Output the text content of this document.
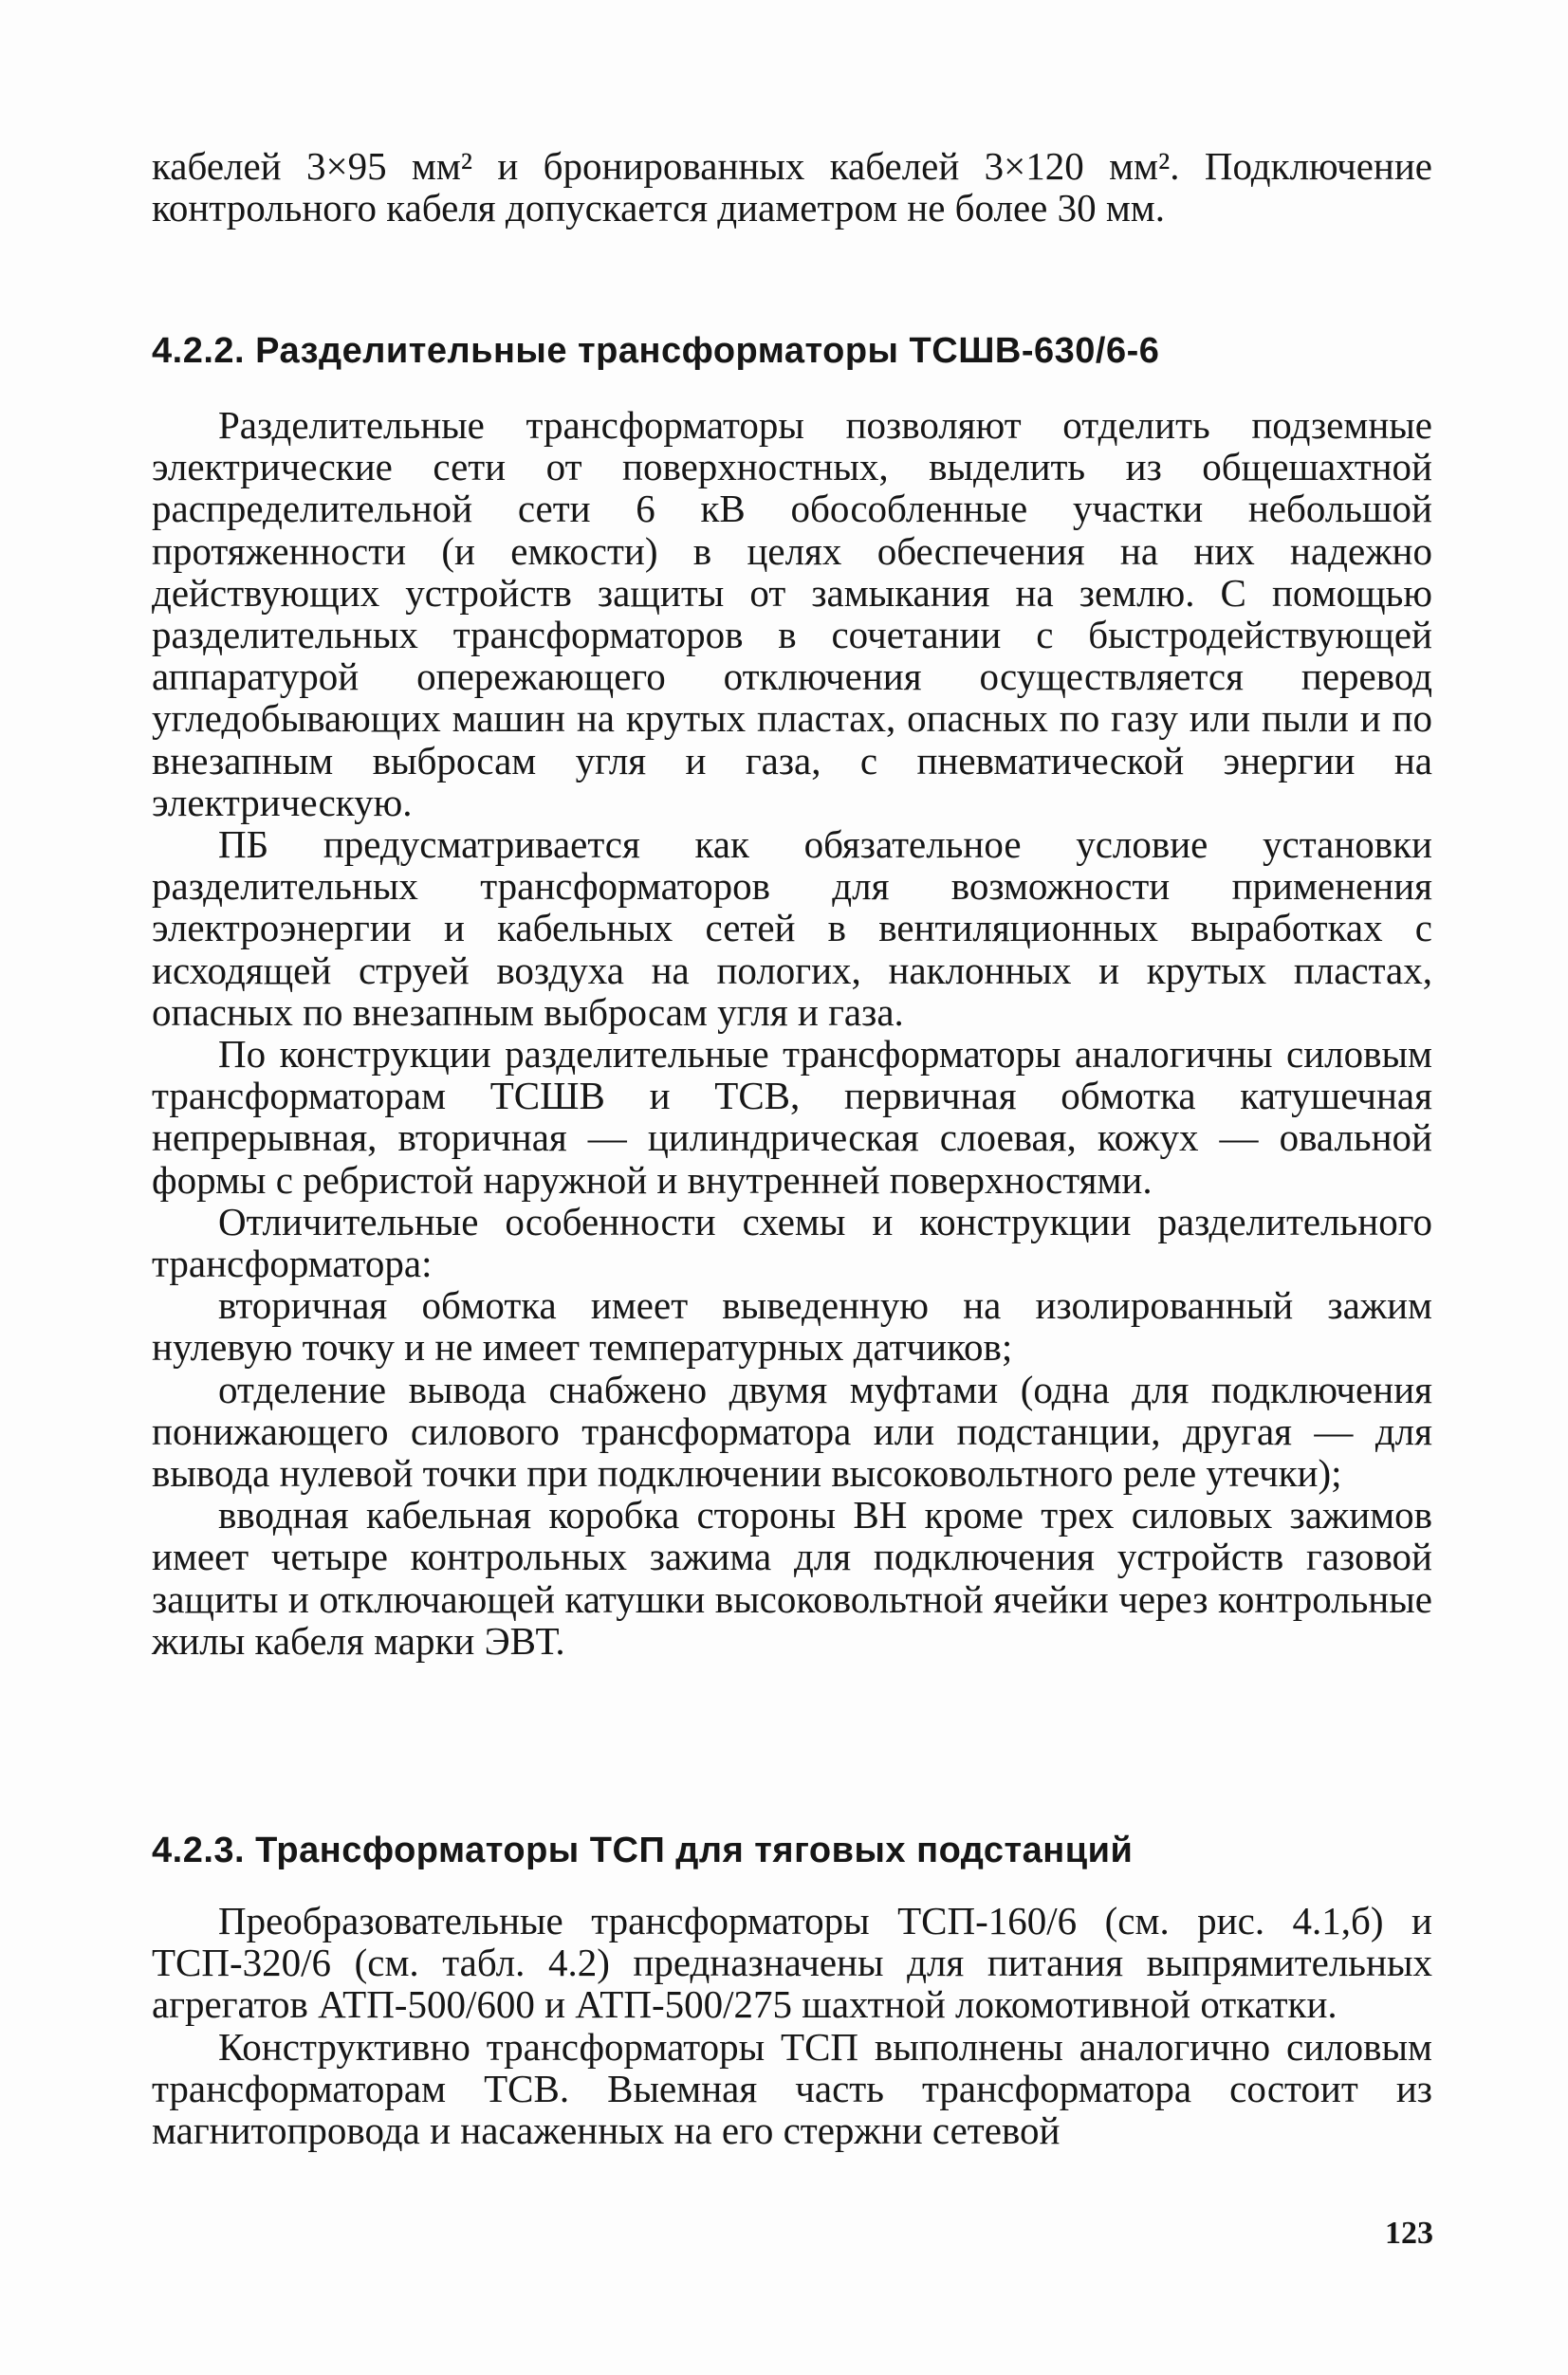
кабелей 3×95 мм² и бронированных кабелей 3×120 мм². Подключение контрольного кабеля допускается диаметром не более 30 мм.

4.2.2. Разделительные трансформаторы ТСШВ-630/6-6

Разделительные трансформаторы позволяют отделить подземные электрические сети от поверхностных, выделить из общешахтной распределительной сети 6 кВ обособленные участки небольшой протяженности (и емкости) в целях обеспечения на них надежно действующих устройств защиты от замыкания на землю. С помощью разделительных трансформаторов в сочетании с быстродействующей аппаратурой опережающего отключения осуществляется перевод угледобывающих машин на крутых пластах, опасных по газу или пыли и по внезапным выбросам угля и газа, с пневматической энергии на электрическую.

ПБ предусматривается как обязательное условие установки разделительных трансформаторов для возможности применения электроэнергии и кабельных сетей в вентиляционных выработках с исходящей струей воздуха на пологих, наклонных и крутых пластах, опасных по внезапным выбросам угля и газа.

По конструкции разделительные трансформаторы аналогичны силовым трансформаторам ТСШВ и ТСВ, первичная обмотка катушечная непрерывная, вторичная — цилиндрическая слоевая, кожух — овальной формы с ребристой наружной и внутренней поверхностями.

Отличительные особенности схемы и конструкции разделительного трансформатора:

вторичная обмотка имеет выведенную на изолированный зажим нулевую точку и не имеет температурных датчиков;

отделение вывода снабжено двумя муфтами (одна для подключения понижающего силового трансформатора или подстанции, другая — для вывода нулевой точки при подключении высоковольтного реле утечки);

вводная кабельная коробка стороны ВН кроме трех силовых зажимов имеет четыре контрольных зажима для подключения устройств газовой защиты и отключающей катушки высоковольтной ячейки через контрольные жилы кабеля марки ЭВТ.

4.2.3. Трансформаторы ТСП для тяговых подстанций

Преобразовательные трансформаторы ТСП-160/6 (см. рис. 4.1,б) и ТСП-320/6 (см. табл. 4.2) предназначены для питания выпрямительных агрегатов АТП-500/600 и АТП-500/275 шахтной локомотивной откатки.

Конструктивно трансформаторы ТСП выполнены аналогично силовым трансформаторам ТСВ. Выемная часть трансформатора состоит из магнитопровода и насаженных на его стержни сетевой

123
